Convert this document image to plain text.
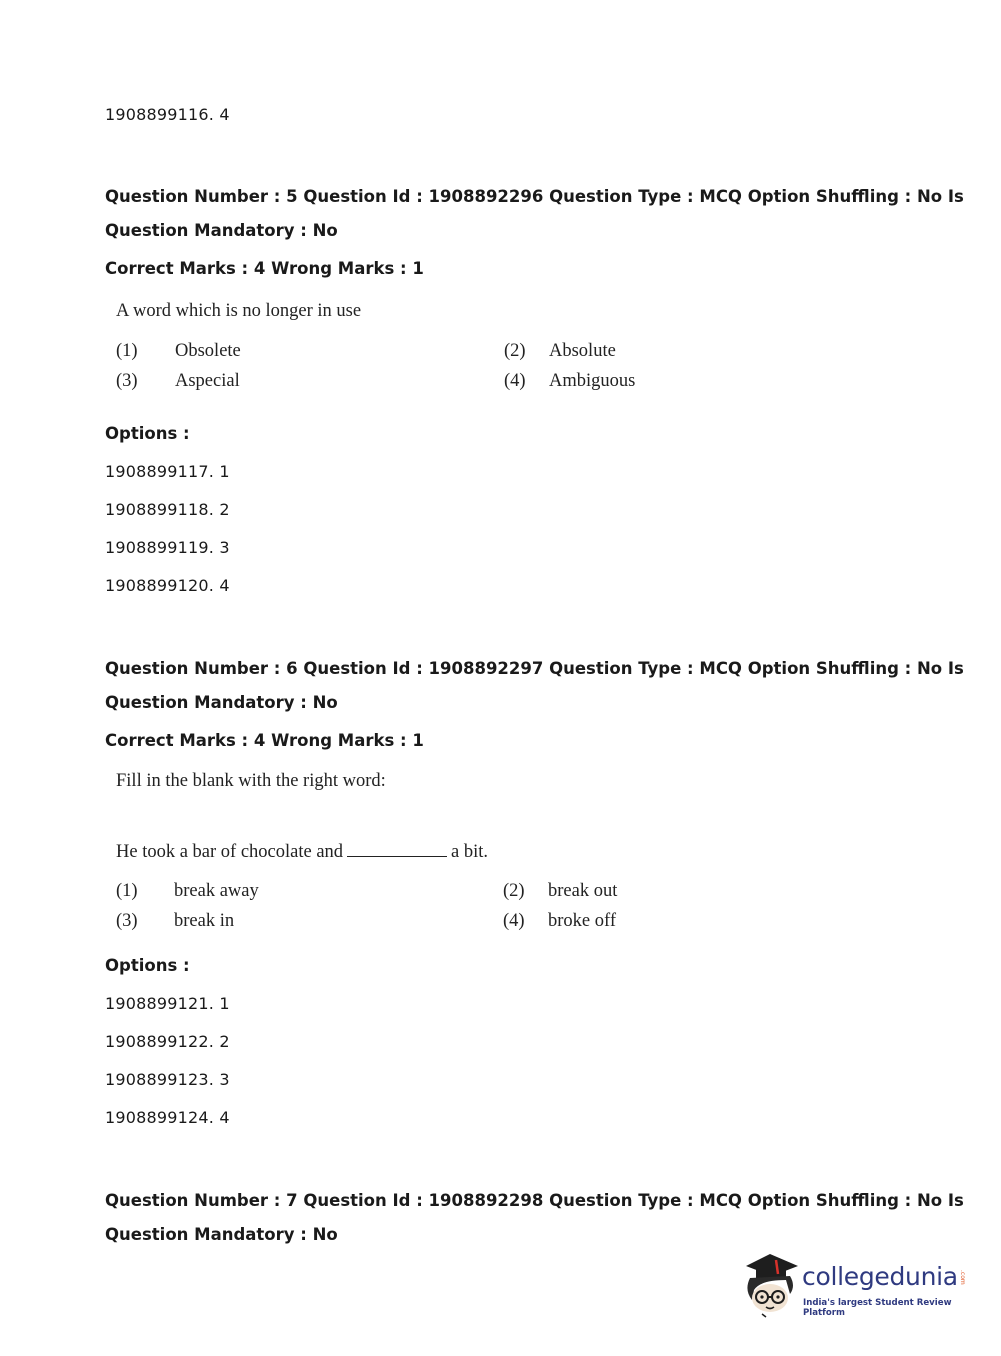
1908899116. 4
Question Number : 5 Question Id : 1908892296 Question Type : MCQ Option Shuffling : No Is
Question Mandatory : No
Correct Marks : 4 Wrong Marks : 1
A word which is no longer in use
(1) Obsolete	(2) Absolute
(3) Aspecial	(4) Ambiguous
Options :
1908899117. 1
1908899118. 2
1908899119. 3
1908899120. 4
Question Number : 6 Question Id : 1908892297 Question Type : MCQ Option Shuffling : No Is
Question Mandatory : No
Correct Marks : 4 Wrong Marks : 1
Fill in the blank with the right word:
He took a bar of chocolate and	a bit.
(1) break away	(2) break out
(3) break in	(4) broke off
Options :
1908899121. 1
1908899122. 2
1908899123. 3
1908899124. 4
Question Number : 7 Question Id : 1908892298 Question Type : MCQ Option Shuffling : No Is
Question Mandatory : No
collegedunia .com
India's largest Student Review Platform
